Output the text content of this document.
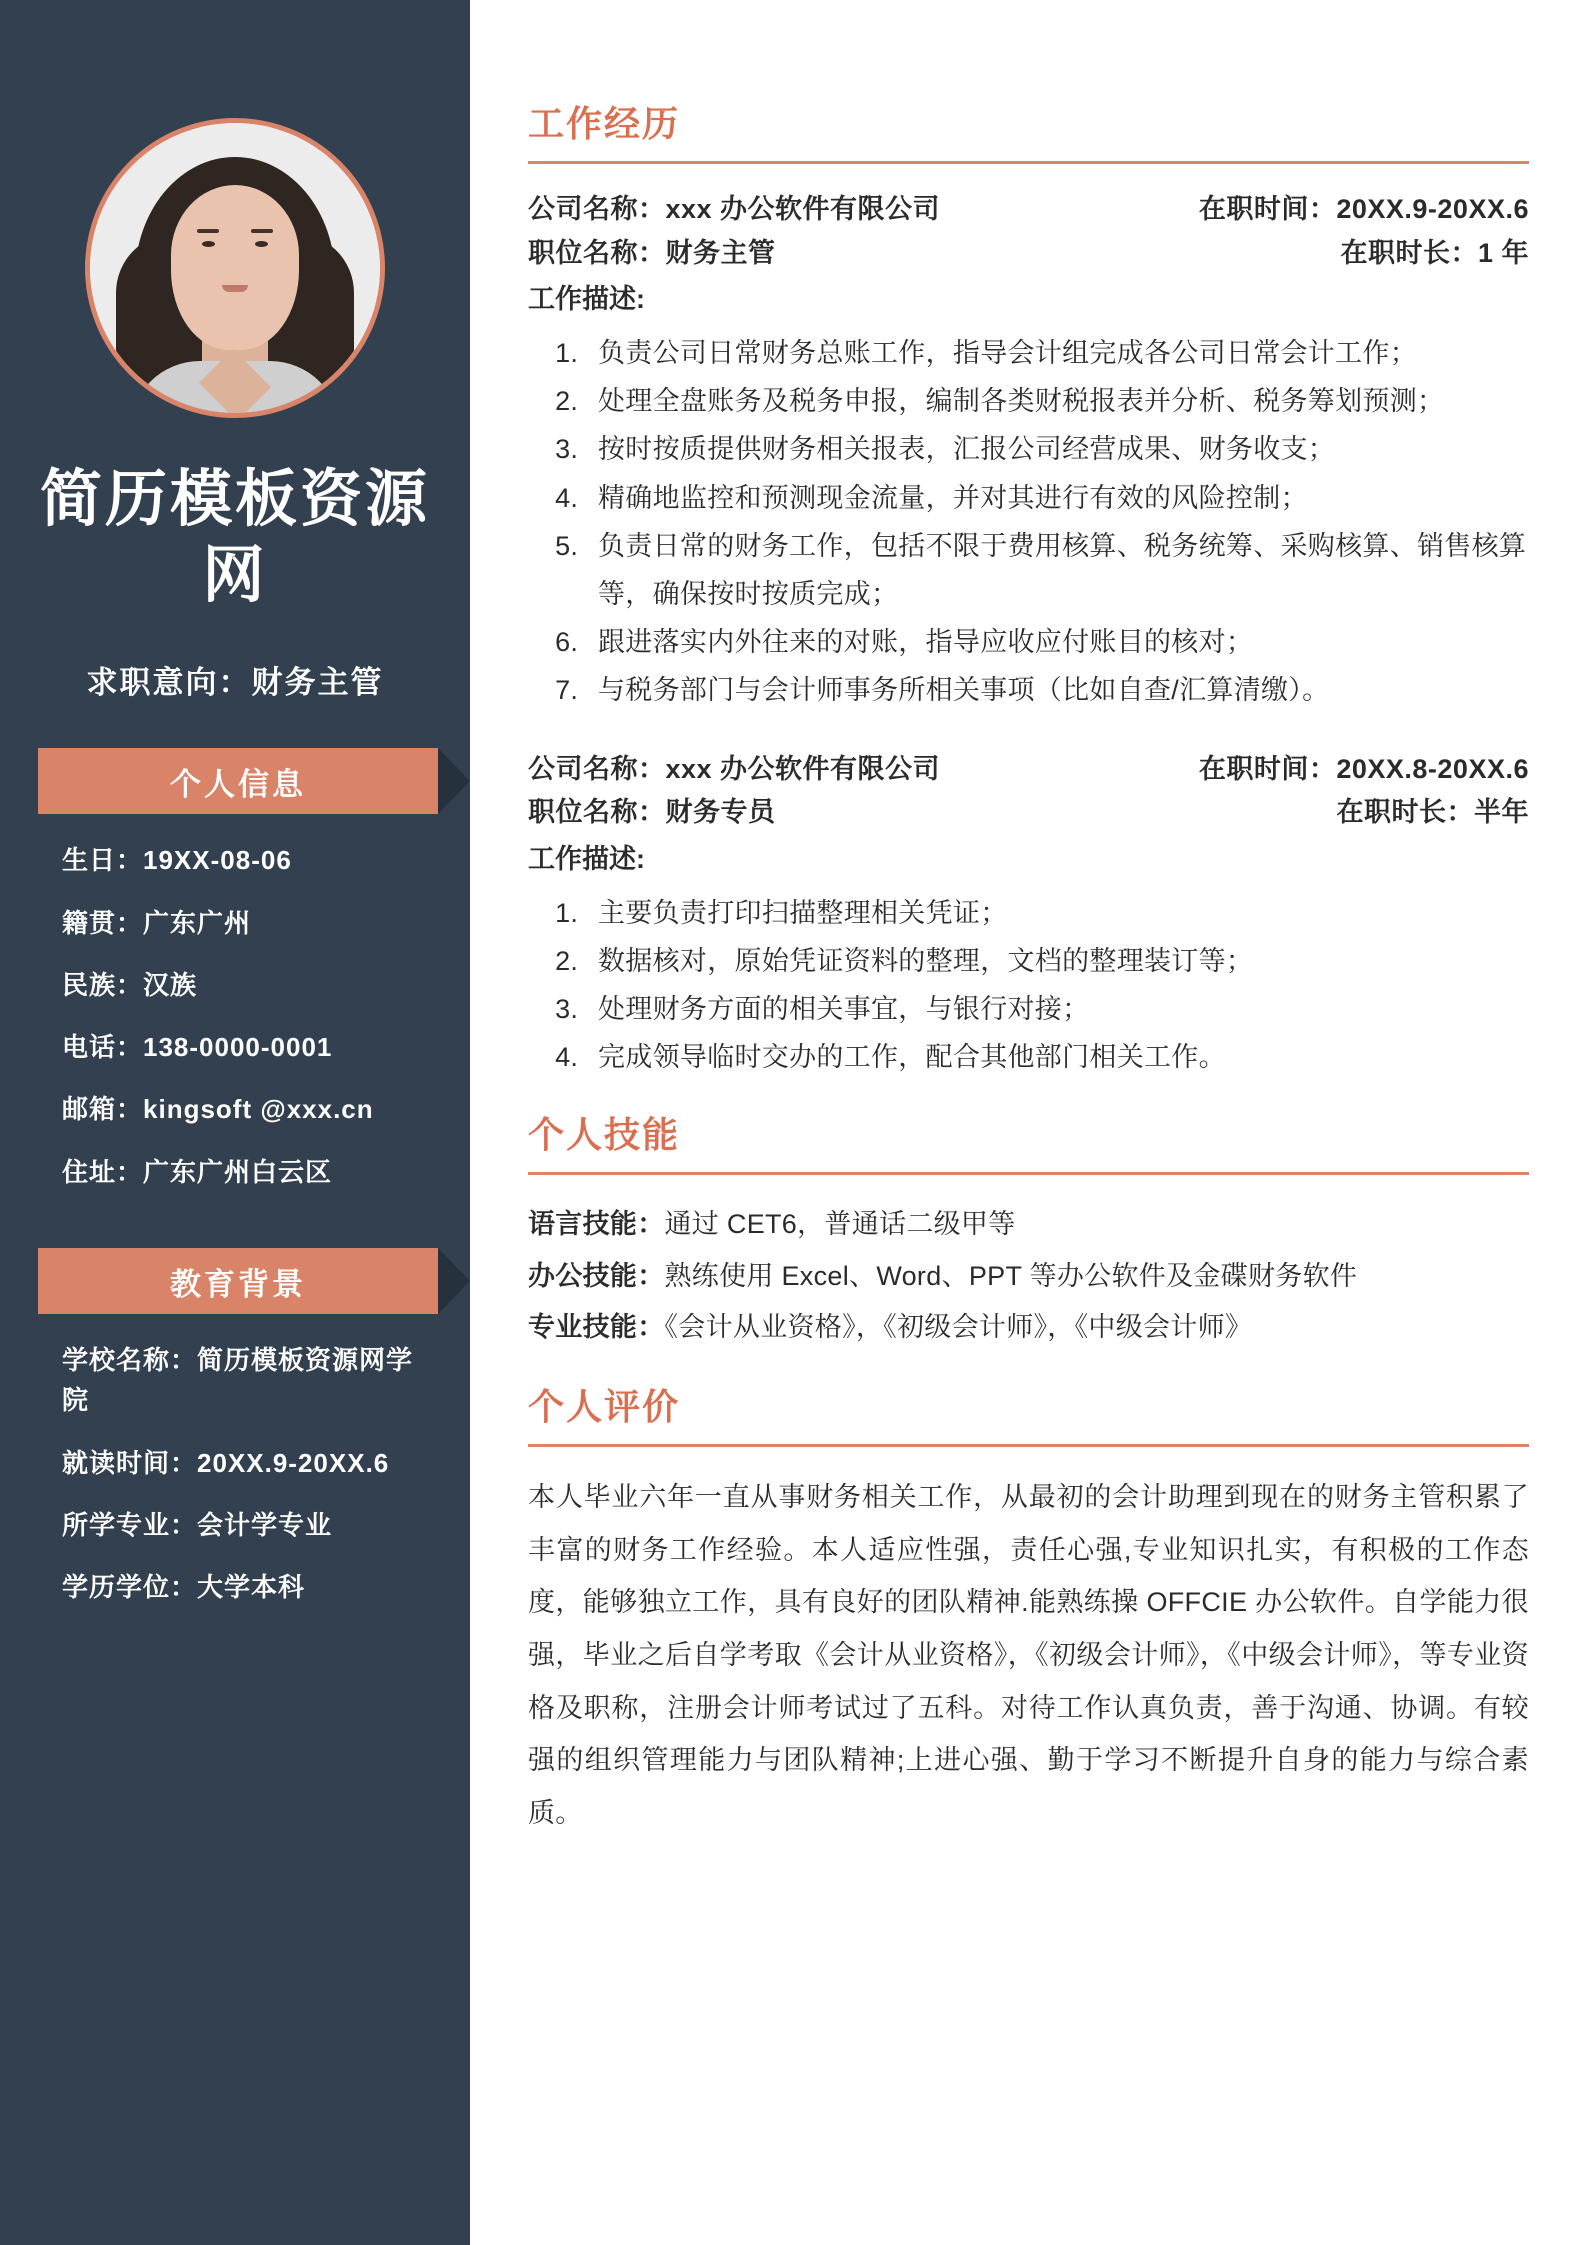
简历模板资源网
求职意向：财务主管
个人信息
生日：19XX-08-06
籍贯：广东广州
民族：汉族
电话：138-0000-0001
邮箱：kingsoft @xxx.cn
住址：广东广州白云区
教育背景
学校名称：简历模板资源网学院
就读时间：20XX.9-20XX.6
所学专业：会计学专业
学历学位：大学本科
工作经历
公司名称：xxx 办公软件有限公司	在职时间：20XX.9-20XX.6
职位名称：财务主管	在职时长：1 年
工作描述:
1. 负责公司日常财务总账工作，指导会计组完成各公司日常会计工作；
2. 处理全盘账务及税务申报，编制各类财税报表并分析、税务筹划预测；
3. 按时按质提供财务相关报表，汇报公司经营成果、财务收支；
4. 精确地监控和预测现金流量，并对其进行有效的风险控制；
5. 负责日常的财务工作，包括不限于费用核算、税务统筹、采购核算、销售核算等，确保按时按质完成；
6. 跟进落实内外往来的对账，指导应收应付账目的核对；
7. 与税务部门与会计师事务所相关事项（比如自查/汇算清缴）。
公司名称：xxx 办公软件有限公司	在职时间：20XX.8-20XX.6
职位名称：财务专员	在职时长：半年
工作描述:
1. 主要负责打印扫描整理相关凭证；
2. 数据核对，原始凭证资料的整理，文档的整理装订等；
3. 处理财务方面的相关事宜，与银行对接；
4. 完成领导临时交办的工作，配合其他部门相关工作。
个人技能
语言技能：通过 CET6，普通话二级甲等
办公技能：熟练使用 Excel、Word、PPT 等办公软件及金碟财务软件
专业技能：《会计从业资格》，《初级会计师》，《中级会计师》
个人评价

本人毕业六年一直从事财务相关工作，从最初的会计助理到现在的财务主管积累了丰富的财务工作经验。本人适应性强，责任心强,专业知识扎实，有积极的工作态度，能够独立工作，具有良好的团队精神.能熟练操 OFFCIE 办公软件。自学能力很强，毕业之后自学考取《会计从业资格》，《初级会计师》，《中级会计师》，等专业资格及职称，注册会计师考试过了五科。对待工作认真负责，善于沟通、协调。有较强的组织管理能力与团队精神;上进心强、勤于学习不断提升自身的能力与综合素质。
